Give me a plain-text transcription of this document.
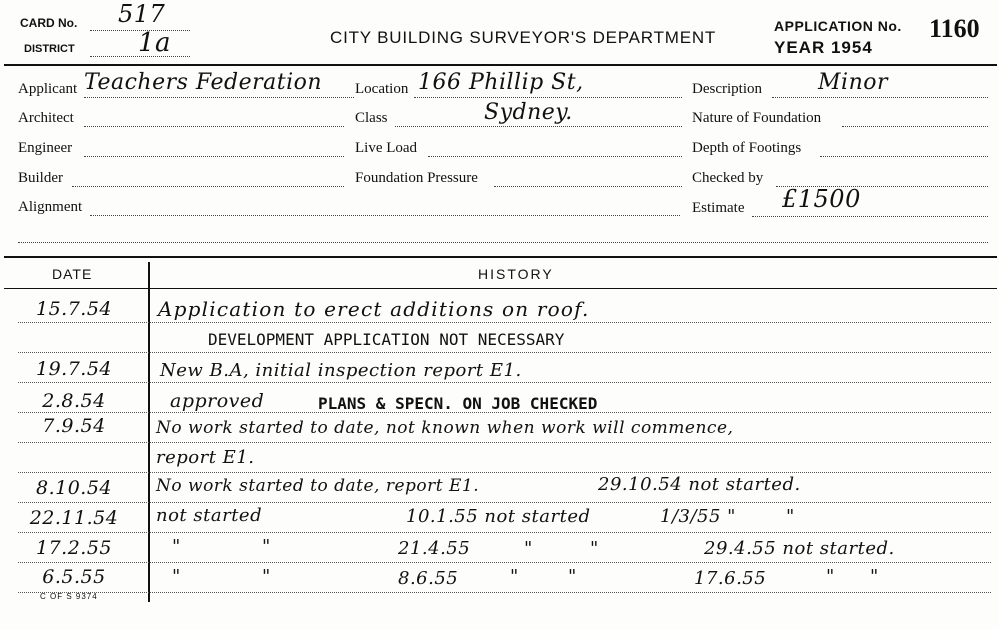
CARD No. 517
DISTRICT 1a	CITY BUILDING SURVEYOR'S DEPARTMENT
APPLICATION No. 1160
YEAR 1954
Applicant Teachers Federation
Architect
Engineer
Builder
Alignment
Location 166 Phillip St,
Class	Sydney.
Live Load
Foundation Pressure
Description	Minor
Nature of Foundation
Depth of Footings
Checked by
Estimate £1500
DATE	HISTORY
15.7.54	Application to erect additions on roof.
DEVELOPMENT APPLICATION NOT NECESSARY
19.7.54	New B.A, initial inspection report E1.
2.8.54	approved	PLANS & SPECN. ON JOB CHECKED
7.9.54	No work started to date, not known when work will commence,
report E1.
8.10.54	No work started to date, report E1.	29.10.54 not started.
22.11.54	not started	10.1.55 not started	1/3/55 "	"
17.2.55	"	"	21.4.55	"	"	29.4.55 not started.
6.5.55	"	"	8.6.55	"	"	17.6.55	" "
C OF S 9374
